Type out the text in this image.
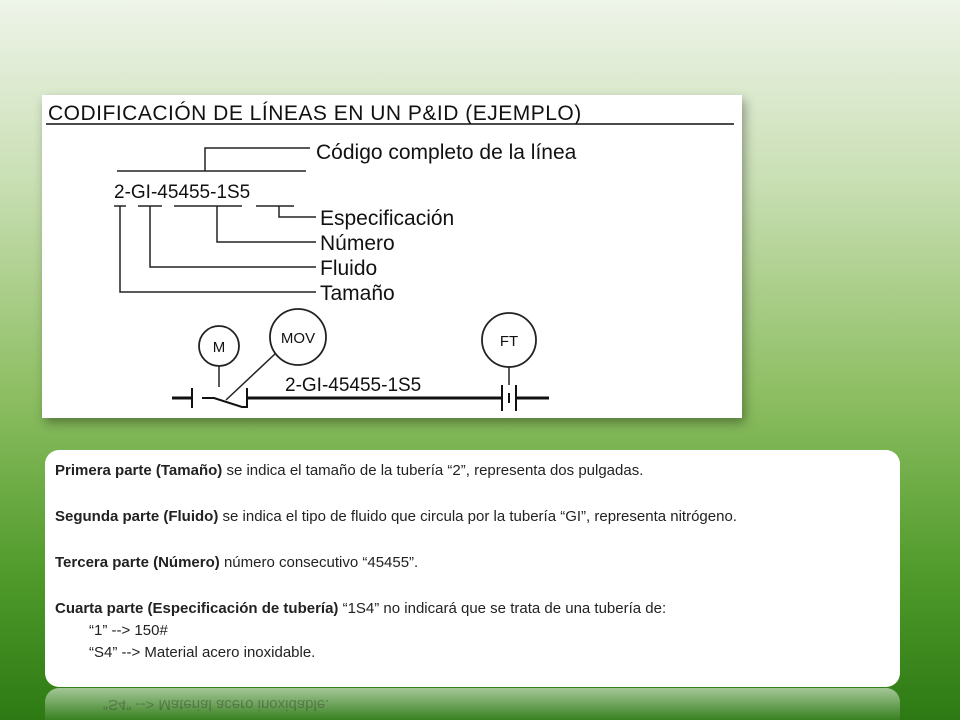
CODIFICACIÓN DE LÍNEAS EN UN P&ID (EJEMPLO)
2-GI-45455-1S5
Código completo de la línea
Especificación
Número
Fluido
Tamaño
M
MOV	FT
2-GI-45455-1S5

Primera parte (Tamaño) se indica el tamaño de la tubería “2”, representa dos pulgadas.

Segunda parte (Fluido) se indica el tipo de fluido que circula por la tubería “GI”, representa nitrógeno.

Tercera parte (Número) número consecutivo “45455”.

Cuarta parte (Especificación de tubería) “1S4” no indicará que se trata de una tubería de:
“1” --> 150#
“S4” --> Material acero inoxidable.

“S4” --> Material acero inoxidable.
